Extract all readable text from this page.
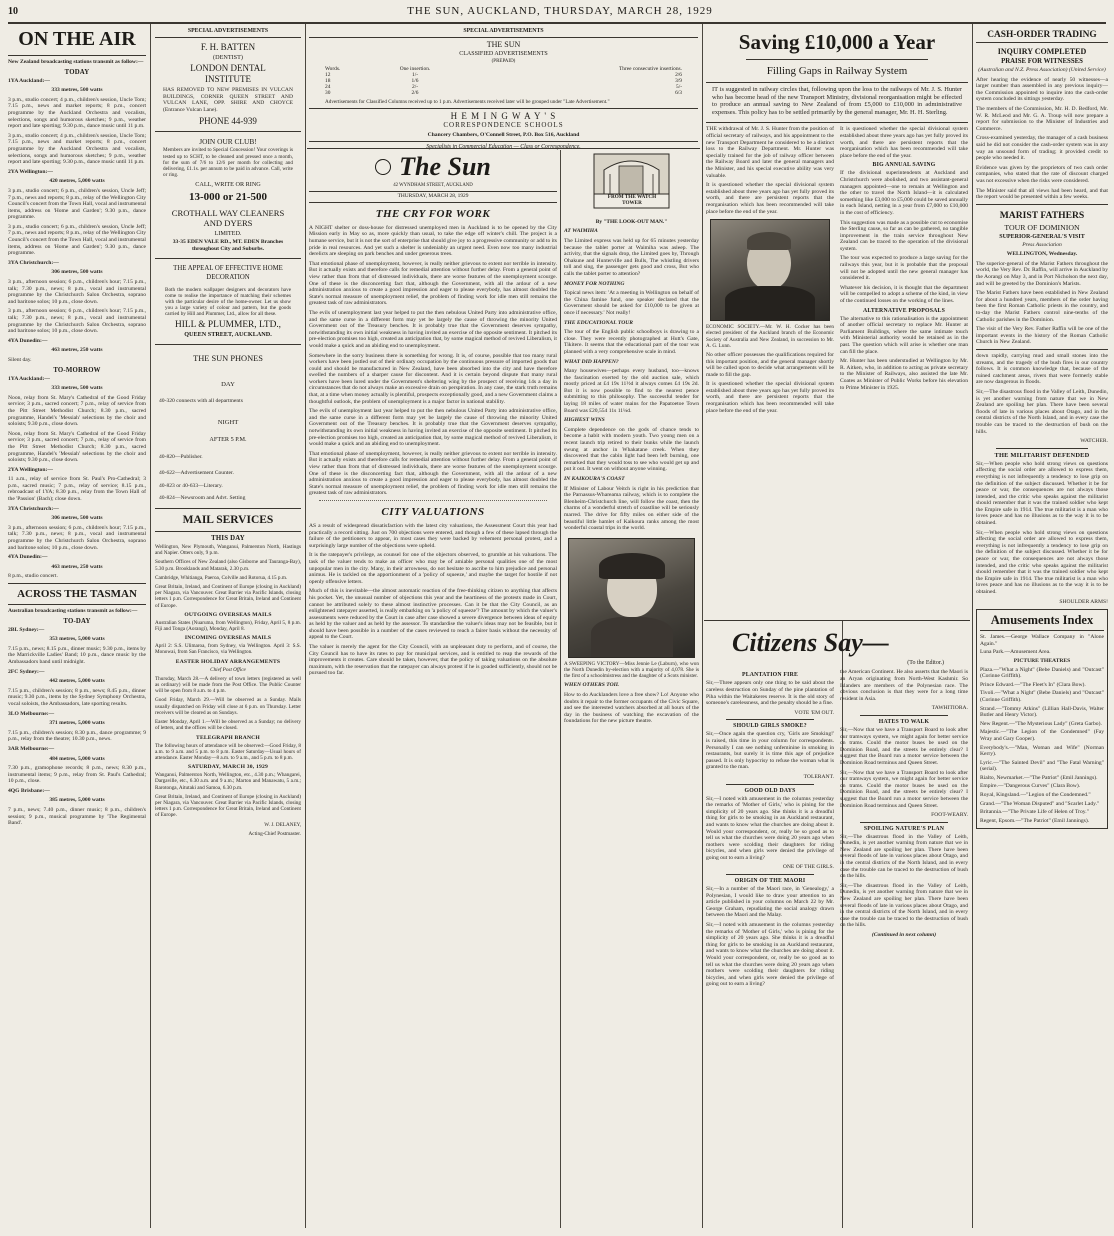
10	THE SUN, AUCKLAND, THURSDAY, MARCH 28, 1929
ON THE AIR
New Zealand broadcasting stations transmit as follow:—
TODAY
1YA Auckland:—
333 metres, 500 watts
3 p.m., studio concert; 4 p.m., children's session, Uncle Tom; 7.15 p.m., news and market reports; 8 p.m., concert programme by the Auckland Orchestra and vocalists, selections, songs and humorous sketches; 9 p.m., weather report and late sporting; 9.30 p.m., dance music until 11 p.m.
3 p.m., studio concert; 4 p.m., children's session, Uncle Tom; 7.15 p.m., news and market reports; 8 p.m., concert programme by the Auckland Orchestra and vocalists, selections, songs and humorous sketches; 9 p.m., weather report and late sporting; 9.30 p.m., dance music until 11 p.m.
2YA Wellington:—
420 metres, 5,000 watts
3 p.m., studio concert; 6 p.m., children's session, Uncle Jeff; 7 p.m., news and reports; 8 p.m., relay of the Wellington City Council's concert from the Town Hall, vocal and instrumental items, address on 'Home and Garden'; 9.30 p.m., dance programme.
3 p.m., studio concert; 6 p.m., children's session, Uncle Jeff; 7 p.m., news and reports; 8 p.m., relay of the Wellington City Council's concert from the Town Hall, vocal and instrumental items, address on 'Home and Garden'; 9.30 p.m., dance programme.
3YA Christchurch:—
306 metres, 500 watts
3 p.m., afternoon session; 6 p.m., children's hour; 7.15 p.m., talk; 7.30 p.m., news; 8 p.m., vocal and instrumental programme by the Christchurch Salon Orchestra, soprano and baritone solos; 10 p.m., close down.
3 p.m., afternoon session; 6 p.m., children's hour; 7.15 p.m., talk; 7.30 p.m., news; 8 p.m., vocal and instrumental programme by the Christchurch Salon Orchestra, soprano and baritone solos; 10 p.m., close down.
4YA Dunedin:—
463 metres, 250 watts
Silent day.
TO-MORROW
1YA Auckland:—
333 metres, 500 watts
Noon, relay from St. Mary's Cathedral of the Good Friday service; 3 p.m., sacred concert; 7 p.m., relay of service from the Pitt Street Methodist Church; 8.30 p.m., sacred programme, Handel's 'Messiah' selections by the choir and soloists; 9.30 p.m., close down.
Noon, relay from St. Mary's Cathedral of the Good Friday service; 3 p.m., sacred concert; 7 p.m., relay of service from the Pitt Street Methodist Church; 8.30 p.m., sacred programme, Handel's 'Messiah' selections by the choir and soloists; 9.30 p.m., close down.
2YA Wellington:—
11 a.m., relay of service from St. Paul's Pro-Cathedral; 3 p.m., sacred music; 7 p.m., relay of service; 8.15 p.m., rebroadcast of 1YA; 8.30 p.m., relay from the Town Hall of the 'Passion' (Bach); close down.
3YA Christchurch:—
306 metres, 500 watts
3 p.m., afternoon session; 6 p.m., children's hour; 7.15 p.m., talk; 7.30 p.m., news; 8 p.m., vocal and instrumental programme by the Christchurch Salon Orchestra, soprano and baritone solos; 10 p.m., close down.
4YA Dunedin:—
463 metres, 250 watts
8 p.m., studio concert.
ACROSS THE TASMAN
Australian broadcasting stations transmit as follow:—
TO-DAY
2BL Sydney:—
353 metres, 5,000 watts
7.15 p.m., news; 8.15 p.m., dinner music; 9.30 p.m., items by the Marrickville Ladies' Band; 10 p.m., dance music by the Ambassadors band until midnight.
2FC Sydney:—
442 metres, 5,000 watts
7.15 p.m., children's session; 8 p.m., news; 8.45 p.m., dinner music; 9.30 p.m., items by the Sydney Symphony Orchestra, vocal soloists, the Ambassadors, late sporting results.
3LO Melbourne:—
371 metres, 5,000 watts
7.15 p.m., children's session; 8.30 p.m., dance programme; 9 p.m., relay from the theatre; 10.30 p.m., news.
3AR Melbourne:—
484 metres, 5,000 watts
7.30 p.m., gramophone records; 8 p.m., news; 8.30 p.m., instrumental items; 9 p.m., relay from St. Paul's Cathedral; 10 p.m., close.
4QG Brisbane:—
385 metres, 5,000 watts
7 p.m., news; 7.40 p.m., dinner music; 8 p.m., children's session; 9 p.m., musical programme by 'The Regimental Band'.
SPECIAL ADVERTISEMENTS
F. H. BATTEN
(DENTIST)
LONDON DENTAL INSTITUTE
HAS REMOVED TO NEW PREMISES IN VULCAN BUILDINGS, CORNER QUEEN STREET AND VULCAN LANE, OPP. SHIRE AND CHOYCE (Entrance Vulcan Lane).
PHONE 44-939
JOIN OUR CLUB!
Members are invited to Special Concession! Your coverings is tested up to SCHT, to be cleaned and pressed once a month, for the sum of 7/6 to 12/6 per month for collecting and delivering, £1.1s. per annum to be paid in advance. Call, write or ring.
CALL, WRITE OR RING
13-000 or 21-500
CROTHALL WAY CLEANERS AND DYERS
LIMITED.
33-35 EDEN VALE RD., MT. EDEN Branches throughout City and Suburbs.
THE APPEAL OF EFFECTIVE HOME DECORATION
Both the modern wallpaper designers and decorators have come to realise the importance of matching their schemes with the particular desire of the home-owner. Let us show you a large variety of colour and pattern, but the goods carried by Hill and Plummer, Ltd., allow for all these.
HILL & PLUMMER, LTD.,
QUEEN STREET, AUCKLAND.
THE SUN PHONES
DAY
40-320 connects with all departments
NIGHT
AFTER 5 P.M.
40-820—Publisher.
40-622—Advertisement Counter.
40-823 or 40-633—Literary.
40-824—Newsroom and Advt. Setting
MAIL SERVICES
THIS DAY
Wellington, New Plymouth, Wanganui, Palmerston North, Hastings and Napier. Otters only, 9 p.m.
Southern Offices of New Zealand (also Gisborne and Tauranga-Bay), 5.30 p.m. Brooklands and Matarak, 2.30 p.m.
Cambridge, Whitianga, Paeroa, Colville and Rotorua, 4.15 p.m.
Great Britain, Ireland, and Continent of Europe (closing in Auckland) per Niagara, via Vancouver. Great Barrier via Pacific Islands, closing letters 1 p.m. Correspondence for Great Britain, Ireland and Continent of Europe.
OUTGOING OVERSEAS MAILS
Australian States (Nuaruma, from Wellington), Friday, April 5, 8 p.m. Fiji and Tonga (Aorangi), Monday, April 8.
INCOMING OVERSEAS MAILS
April 2: S.S. Ulimaroa, from Sydney, via Wellington. April 3: S.S. Monowai, from San Francisco, via Wellington.
EASTER HOLIDAY ARRANGEMENTS
Chief Post Office
Thursday, March 28.—A delivery of town letters (registered as well as ordinary) will be made from the Post Office. The Public Counter will be open from 8 a.m. to 4 p.m.
Good Friday, March 29.—Will be observed as a Sunday. Mails usually dispatched on Friday will close at 6 p.m. on Thursday. Letter receivers will be cleared as on Sundays.
Easter Monday, April 1.—Will be observed as a Sunday; no delivery of letters, and the offices will be closed.
TELEGRAPH BRANCH
The following hours of attendance will be observed:—Good Friday, 8 a.m. to 9 a.m. and 5 p.m. to 8 p.m. Easter Saturday—Usual hours of attendance. Easter Monday—8 a.m. to 9 a.m., and 5 p.m. to 8 p.m.
SATURDAY, MARCH 30, 1929
Wanganui, Palmerston North, Wellington, etc., 4.30 p.m.; Whangarei, Dargaville, etc., 6.30 a.m. and 9 a.m.; Marton and Manawatu, 5 a.m.; Rarotonga, Aitutaki and Samoa, 6.30 p.m.
Great Britain, Ireland, and Continent of Europe (closing in Auckland) per Niagara, via Vancouver. Great Barrier via Pacific Islands, closing letters 1 p.m. Correspondence for Great Britain, Ireland and Continent of Europe.
W. J. DELANEY,
Acting-Chief Postmaster.
SPECIAL ADVERTISEMENTS
THE SUN
CLASSIFIED ADVERTISEMENTS
(PREPAID)
Words.	One insertion.	Three consecutive insertions.
12	1/-	2/6
18	1/6	3/9
24	2/-	5/-
30	2/6	6/3
Advertisements for Classified Columns received up to 1 p.m. Advertisements received later will be grouped under "Late Advertisement."
H E M I N G W A Y ' S
CORRESPONDENCE SCHOOLS
Chancery Chambers, O'Connell Street, P.O. Box 516, Auckland
The Sun
42 WYNDHAM STREET, AUCKLAND
THURSDAY, MARCH 28, 1929
THE CRY FOR WORK
A NIGHT shelter or doss-house for distressed unemployed men in Auckland is to be opened by the City Mission early in May so as, more quickly than usual, to take the edge off winter's chill. The project is a humane service, but it is not the sort of enterprise that should give joy to a progressive community or add to its pride in real resources. And yet such a shelter is undeniably an urgent need. Even now too many industrial derelicts are sleeping on park benches and under generous trees.
That emotional phase of unemployment, however, is really neither grievous to extent nor terrible in intensity. But it actually exists and therefore calls for remedial attention without further delay. From a general point of view rather than from that of distressed individuals, there are worse features of the unemployment scourge. One of these is the disconcerting fact that, although the Government, with all the ardour of a new administration anxious to create a good impression and eager to please everybody, has almost doubled the State's normal measure of unemployment relief, the problem of finding work for idle men still remains the greatest task of raw administrators.
The evils of unemployment last year helped to put the then nebulous United Party into administrative office, and the same curse in a different form may yet be largely the cause of throwing the minority United Government out of the Treasury benches. It is probably true that the Government deserves sympathy, notwithstanding its own initial weakness in having invited an exercise of the opposite sentiment. It pitched its pre-election promises too high, created an anticipation that, by some magical method of revived Liberalism, it would make a quick and an abiding end to unemployment.
Somewhere in the sorry business there is something for wrong. It is, of course, possible that too many rural workers have been jostled out of their ordinary occupation by the continuous pressure of imported goods that could and should be manufactured in New Zealand, have been absorbed into the city and have therefore swelled the numbers of a sharper cause for discontent. And it is certain beyond dispute that many rural workers have been lured under the Government's sheltering wing by the prospect of receiving 14s a day in circumstances that do not always make an excessive drain on perspiration. In any case, the stark truth remains that, at a time when money actually is plentiful, prospects exceptionally good, and a new Government claims a thoughtful outlook, the problem of unemployment is a major factor in national stability.
The evils of unemployment last year helped to put the then nebulous United Party into administrative office, and the same curse in a different form may yet be largely the cause of throwing the minority United Government out of the Treasury benches. It is probably true that the Government deserves sympathy, notwithstanding its own initial weakness in having invited an exercise of the opposite sentiment. It pitched its pre-election promises too high, created an anticipation that, by some magical method of revived Liberalism, it would make a quick and an abiding end to unemployment.
That emotional phase of unemployment, however, is really neither grievous to extent nor terrible in intensity. But it actually exists and therefore calls for remedial attention without further delay. From a general point of view rather than from that of distressed individuals, there are worse features of the unemployment scourge. One of these is the disconcerting fact that, although the Government, with all the ardour of a new administration anxious to create a good impression and eager to please everybody, has almost doubled the State's normal measure of unemployment relief, the problem of finding work for idle men still remains the greatest task of raw administrators.
CITY VALUATIONS
AS a result of widespread dissatisfaction with the latest city valuations, the Assessment Court this year had practically a record sitting. Just on 700 objections were entered, and though a few of these lapsed through the failure of the petitioners to appear, in most cases they were backed by vehement personal protest, and a surprisingly large number of the objections were upheld.
It is the ratepayer's privilege, as counsel for one of the objectors observed, to grumble at his valuations. The task of the valuer tends to make an officer who may be of amiable personal qualities one of the most unpopular men in the city. Many, in their arrowness, do not hesitate to ascribe to him prejudice and personal animus. He is tackled on the apportionment of a 'policy of squeeze,' and maybe the target for hostile if not openly offensive letters.
Much of this is inevitable—the almost automatic reaction of the free-thinking citizen to anything that affects his pocket. Yet, the unusual number of objections this year and the heartiness of the protests made in Court, cannot be attributed solely to these almost instinctive processes. Can it be that the City Council, as an enlightened ratepayer asserted, is really embarking on 'a policy of squeeze'? The amount by which the valuer's assessments were reduced by the Court in case after case showed a severe divergence between ideas of equity as held by the valuer and as held by the assessor. To standardise the valuer's ideas may not be feasible, but it should have been possible in a number of the cases reviewed to reach a fairer basis without the necessity of appeal to the Court.
The valuer is merely the agent for the City Council, with an unpleasant duty to perform, and of course, the City Council has to have its rates to pay for municipal services, and is entitled to reap the rewards of the improvements it creates. Care should be taken, however, that the policy of taking valuations on the absolute maximum, with the reservation that the ratepayer can always protest if he is goaded sufficiently, should not be pursued too far.
FROM THE WATCH TOWER
By "THE LOOK-OUT MAN."
AT WAIMIHA
The Limited express was held up for 65 minutes yesterday because the tablet porter at Waimiha was asleep. The activity, that the signals drop, the Limited goes by, Through Ohakune and Hunterville and Bulls, The whistling drivers toll and sing, the passenger gets good and cross, But who calls the tablet porter to attention?
MONEY FOR NOTHING
Topical news item: 'At a meeting in Wellington on behalf of the China famine fund, one speaker declared that the Government should be asked for £10,000 to be given at once if necessary.' Not really!
THE EDUCATIONAL TOUR
The tour of the English public schoolboys is drawing to a close. They were recently photographed at Hutt's Gate, Tikitere. It seems that the educational part of the tour was planned with a very comprehensive scale in mind.
WHAT DID HAPPEN?
Many housewives—perhaps every husband, too—knows the fascination exerted by the old auction sale, which mostly priced at £4 19s 11½d it always comes £4 19s 2d. But it is now possible to find to the nearest pence submitting to this philosophy. The successful tender for laying 18 miles of water mains for the Papatoetoe Town Board was £20,554 11s 11¼d.
HIGHEST WINS
Complete dependence on the gods of chance tends to become a habit with modern youth. Two young men on a recent launch trip retired to their bunks while the launch swung at anchor in Whakatane creek. When they discovered that the cabin light had been left burning, one remarked that they would toss to see who would get up and put it out. It went on without anyone winning.
IN KAIKOURA'S COAST
If Minister of Labour Veitch is right in his prediction that the Parnassus-Whareama railway, which is to complete the Blenheim-Christchurch line, will follow the coast, then the charms of a wonderful stretch of coastline will be seriously marred. The drive for fifty miles on either side of the beautiful little hamlet of Kaikoura ranks among the most wonderful coastal trips in the world.
A SWEEPING VICTORY—Miss Jennie Le (Laburn), who won the North Dunedin by-election with a majority of 4,078. She is the first of a schoolmistress and the daughter of a Scots minister.
WHEN OTHERS TOIL
How to do Aucklanders love a free show? Lo! Anyone who doubts it repair to the former occupants of the Civic Square, and see the interested watchers absorbed at all hours of the day in the business of watching the excavation of the foundations for the new picture theatre.
Saving £10,000 a Year
Filling Gaps in Railway System
IT is suggested in railway circles that, following upon the loss to the railways of Mr. J. S. Hunter who has become head of the new Transport Ministry, divisional reorganisation might be effected to produce an annual saving to New Zealand of from £5,000 to £10,000 in administrative expenses. This policy has to be settled primarily by the general manager, Mr. H. H. Sterling.
THE withdrawal of Mr. J. S. Hunter from the position of official secretary of railways, and his appointment to the new Transport Department he considered to be a distinct loss to the Railway Department. Mr. Hunter was specially trained for the job of railway officer between the Railway Board and later the general managers and the Minister, and his special executive ability was very valuable.
It is questioned whether the special divisional system established about three years ago has yet fully proved its worth, and there are persistent reports that the reorganisation which has been recommended will take place before the end of the year.
ECONOMIC SOCIETY.—Mr. W. H. Cocker has been elected president of the Auckland branch of the Economic Society of Australia and New Zealand, in succession to Mr. A. G. Lunn.
No other officer possesses the qualifications required for this important position, and the general manager shortly will be called upon to decide what arrangements will be made to fill the gap.
It is questioned whether the special divisional system established about three years ago has yet fully proved its worth, and there are persistent reports that the reorganisation which has been recommended will take place before the end of the year.
It is questioned whether the special divisional system established about three years ago has yet fully proved its worth, and there are persistent reports that the reorganisation which has been recommended will take place before the end of the year.
BIG ANNUAL SAVING
If the divisional superintendents at Auckland and Christchurch were abolished, and two assistant-general managers appointed—one to remain at Wellington and the other to travel the North Island—it is calculated something like £3,000 to £5,000 could be saved annually in each Island, netting in a year from £7,000 to £10,000 in the cost of efficiency.
This suggestion was made as a possible cut to economise the Sterling cause, so far as can be gathered, no tangible improvement in the train service throughout New Zealand can be traced to the operation of the divisional system.
The tour was expected to produce a large saving for the railways this year, but it is probable that the proposal will not be adopted until the new general manager has considered it.
Whatever his decision, it is thought that the department will be compelled to adopt a scheme of the kind, in view of the continued losses on the working of the lines.
ALTERNATIVE PROPOSALS
The alternative to this rationalisation is the appointment of another official secretary to replace Mr. Hunter at Parliament Buildings, where the same intimate touch with Ministerial authority would be retained as in the past. The question which will arise is whether one man can fill the place.
Mr. Hunter has been understudied at Wellington by Mr. R. Aitken, who, in addition to acting as private secretary to the Minister of Railways, also assisted the late Mr. Coates as Minister of Public Works before his elevation to Prime Minister in 1925.
Citizens Say—
(To the Editor.)
PLANTATION FIRE
Sir,—Three appears only one thing to be said about the careless destruction on Sunday of the pine plantation of Piha within the Waitakeres reserve. It is the old story of someone's carelessness, and the penalty should be a fine.
VOTE 'EM OUT.
SHOULD GIRLS SMOKE?
Sir,—Once again the question cry, 'Girls are Smoking!' is raised, this time in your column for correspondents. Personally I can see nothing unfeminine in smoking in restaurants, but surely it is time this age of prejudice passed. It is only hypocrisy to refuse the woman what is granted to the man.
TOLERANT.
GOOD OLD DAYS
Sir,—I noted with amusement in the columns yesterday the remarks of 'Mother of Girls,' who is pining for the simplicity of 20 years ago. She thinks it is a dreadful thing for girls to be smoking in an Auckland restaurant, and wants to know what the churches are doing about it. Would your correspondent, or, really be so good as to tell us what the churches were doing 20 years ago when mothers were scolding their daughters for riding bicycles, and when girls were denied the privilege of going out to earn a living?
ONE OF THE GIRLS.
ORIGIN OF THE MAORI
Sir,—In a number of the Maori race, in 'Genealogy,' a Polynesian, I would like to draw your attention to an article published in your columns on March 22 by Mr. George Graham, repudiating the social analogy drawn between the Maori and the Malay.
Sir,—I noted with amusement in the columns yesterday the remarks of 'Mother of Girls,' who is pining for the simplicity of 20 years ago. She thinks it is a dreadful thing for girls to be smoking in an Auckland restaurant, and wants to know what the churches are doing about it. Would your correspondent, or, really be so good as to tell us what the churches were doing 20 years ago when mothers were scolding their daughters for riding bicycles, and when girls were denied the privilege of going out to earn a living?
the American Continent. He also asserts that the Maori is an Aryan originating from North-West Kashmir. So Islanders are members of the Polynesian race. The obvious conclusion is that they were for a long time resident in Asia.
TAWHITIORA.
HATES TO WALK
Sir,—Now that we have a Transport Board to look after our tramways system, we might again for better service on trams. Could the motor buses be used on the Dominion Road, and the streets be entirely clear? I suggest that the Board run a motor service between the Dominion Road terminus and Queen Street.
Sir,—Now that we have a Transport Board to look after our tramways system, we might again for better service on trams. Could the motor buses be used on the Dominion Road, and the streets be entirely clear? I suggest that the Board run a motor service between the Dominion Road terminus and Queen Street.
FOOT-WEARY.
SPOILING NATURE'S PLAN
Sir,—The disastrous flood in the Valley of Leith, Dunedin, is yet another warning from nature that we in New Zealand are spoiling her plan. There have been several floods of late in various places about Otago, and in the central districts of the North Island, and in every case the trouble can be traced to the destruction of bush on the hills.
Sir,—The disastrous flood in the Valley of Leith, Dunedin, is yet another warning from nature that we in New Zealand are spoiling her plan. There have been several floods of late in various places about Otago, and in the central districts of the North Island, and in every case the trouble can be traced to the destruction of bush on the hills.
(Continued in next column)
CASH-ORDER TRADING
INQUIRY COMPLETED
PRAISE FOR WITNESSES
(Australian and N.Z. Press Association) (United Service)
After hearing the evidence of nearly 50 witnesses—a larger number than assembled in any previous inquiry—the Commission appointed to inquire into the cash-order system concluded its sittings yesterday.
The members of the Commission, Mr. H. D. Bedford, Mr. W. R. McLeod and Mr. G. A. Troup will now prepare a report for submission to the Minister of Industries and Commerce.
Cross-examined yesterday, the manager of a cash business said he did not consider the cash-order system was in any way an unsound form of trading; it provided credit to people who needed it.
Evidence was given by the proprietors of two cash order companies, who stated that the rate of discount charged was not excessive when the risks were considered.
The Minister said that all views had been heard, and that the report would be presented within a few weeks.
MARIST FATHERS
TOUR OF DOMINION
SUPERIOR-GENERAL'S VISIT
Press Association
WELLINGTON, Wednesday.
The superior-general of the Marist Fathers throughout the world, the Very Rev. Dr. Raffin, will arrive in Auckland by the Aorangi on May 3, and in Port Nicholson the next day, and will be greeted by the Dominion's Marists.
The Marist Fathers have been established in New Zealand for about a hundred years, members of the order having been the first Roman Catholic priests in the country, and to-day the Marist Fathers control nine-tenths of the Catholic parishes in the Dominion.
The visit of the Very Rev. Father Raffin will be one of the important events in the history of the Roman Catholic Church in New Zealand.
down rapidly, carrying mud and small stones into the streams, and the tragedy of the bush fires in our country follows. It is common knowledge that, because of the ruined catchment areas, rivers that were formerly stable are now dangerous in floods.
Sir,—The disastrous flood in the Valley of Leith, Dunedin, is yet another warning from nature that we in New Zealand are spoiling her plan. There have been several floods of late in various places about Otago, and in the central districts of the North Island, and in every case the trouble can be traced to the destruction of bush on the hills.
WATCHER.
THE MILITARIST DEFENDED
Sir,—When people who hold strong views on questions affecting the social order are allowed to express them, everything is not infrequently a tendency to lose grip on the definition of the subject discussed. Whether it be for peace or war, the consequences are not always those intended, and the critic who speaks against the militarist should remember that it was the trained soldier who kept the Empire safe in 1914. The true militarist is a man who loves peace and has no illusions as to the way it is to be obtained.
Sir,—When people who hold strong views on questions affecting the social order are allowed to express them, everything is not infrequently a tendency to lose grip on the definition of the subject discussed. Whether it be for peace or war, the consequences are not always those intended, and the critic who speaks against the militarist should remember that it was the trained soldier who kept the Empire safe in 1914. The true militarist is a man who loves peace and has no illusions as to the way it is to be obtained.
SHOULDER ARMS!
Amusements Index
St. James.—George Wallace Company in "Alone Again."
Luna Park.—Amusement Area.
PICTURE THEATRES
Plaza.—"What a Night" (Bebe Daniels) and "Outcast" (Corinne Griffith).
Prince Edward.—"The Fleet's In" (Clara Bow).
Tivoli.—"What a Night" (Bebe Daniels) and "Outcast" (Corinne Griffith).
Strand.—"Tommy Atkins" (Lillian Hall-Davis, Walter Butler and Henry Victor).
New Regent.—"The Mysterious Lady" (Greta Garbo).
Majestic.—"The Legion of the Condemned" (Fay Wray and Gary Cooper).
Everybody's.—"Man, Woman and Wife" (Norman Kerry).
Lyric.—"The Sainted Devil" and "The Fatal Warning" (serial).
Rialto, Newmarket.—"The Patriot" (Emil Jannings).
Empire.—"Dangerous Curves" (Clara Bow).
Royal, Kingsland.—"Legion of the Condemned."
Grand.—"The Woman Disputed" and "Scarlet Lady."
Britannia.—"The Private Life of Helen of Troy."
Regent, Epsom.—"The Patriot" (Emil Jannings).
